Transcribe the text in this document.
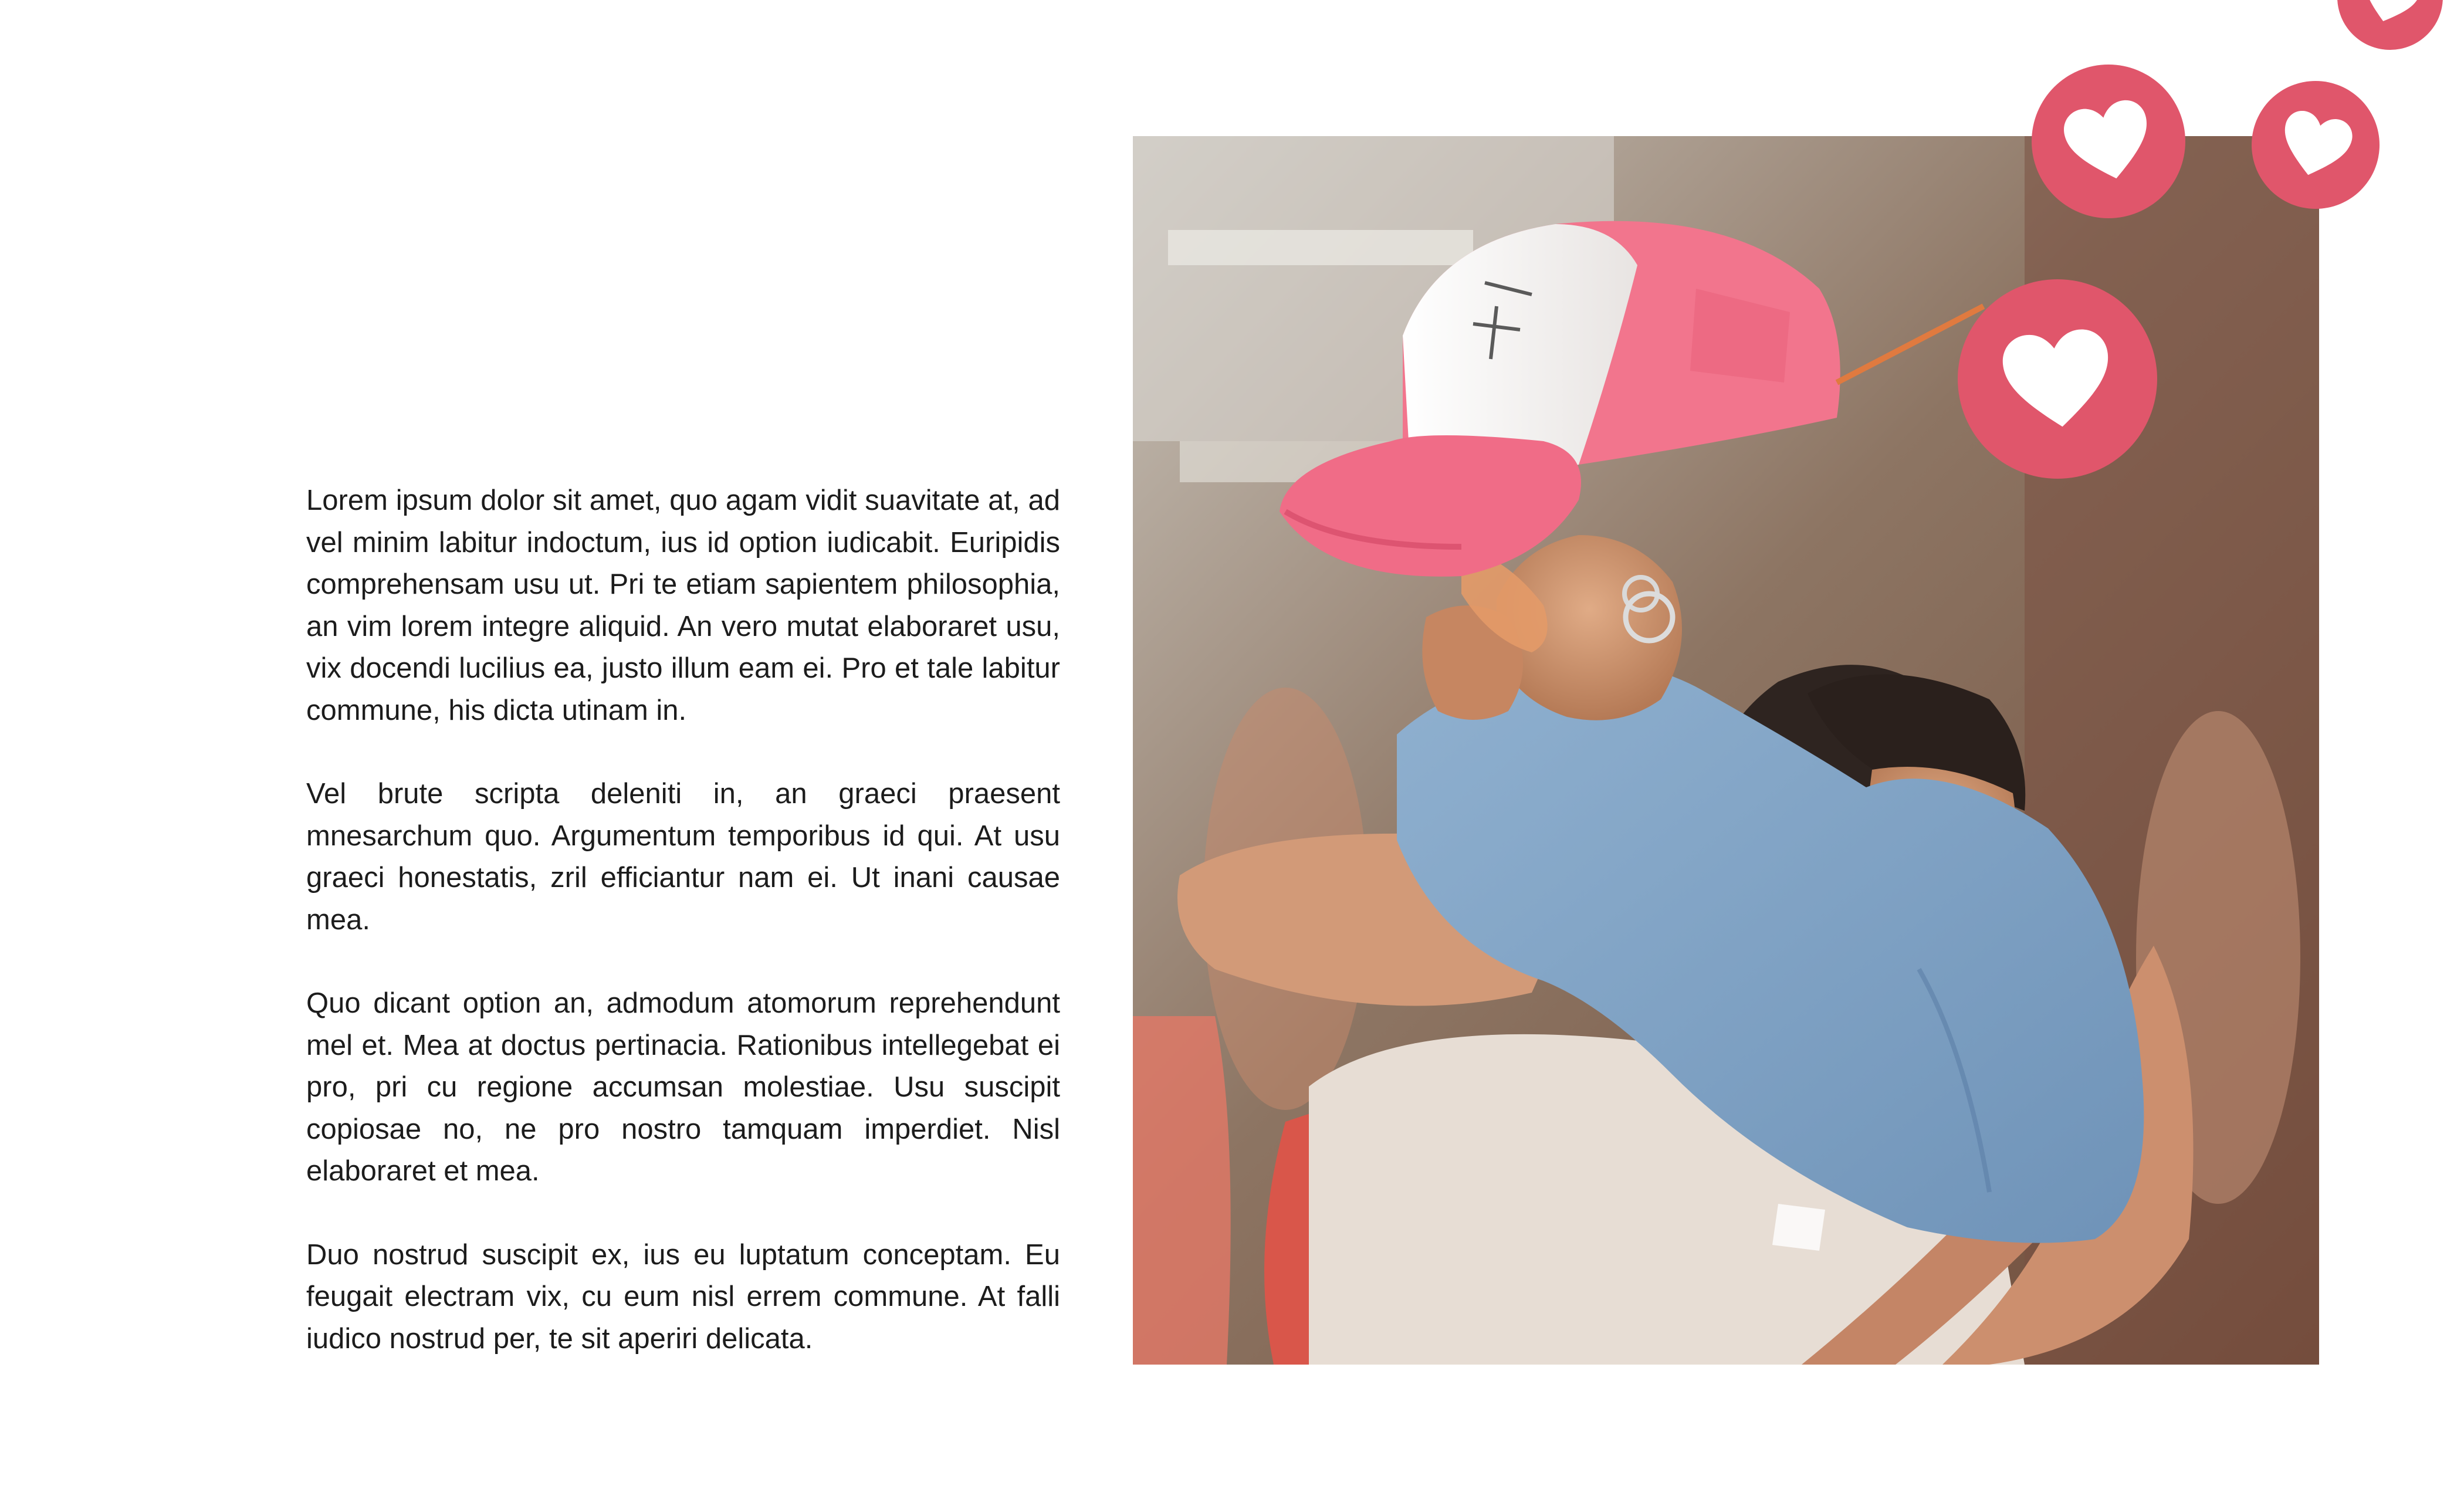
Lorem ipsum dolor sit amet, quo agam vidit suavitate at, ad vel minim labitur indoctum, ius id option iudicabit. Euripidis comprehensam usu ut. Pri te etiam sapientem philosophia, an vim lorem integre aliquid. An vero mutat elaboraret usu, vix docendi lucilius ea, justo illum eam ei. Pro et tale labitur commune, his dicta utinam in.

Vel brute scripta deleniti in, an graeci praesent mnesarchum quo. Argumentum temporibus id qui. At usu graeci honestatis, zril efficiantur nam ei. Ut inani causae mea.

Quo dicant option an, admodum atomorum reprehendunt mel et. Mea at doctus pertinacia. Rationibus intellegebat ei pro, pri cu regione accumsan molestiae. Usu suscipit copiosae no, ne pro nostro tamquam imperdiet. Nisl elaboraret et mea.

Duo nostrud suscipit ex, ius eu luptatum conceptam. Eu feugait electram vix, cu eum nisl errem commune. At falli iudico nostrud per, te sit aperiri delicata.
